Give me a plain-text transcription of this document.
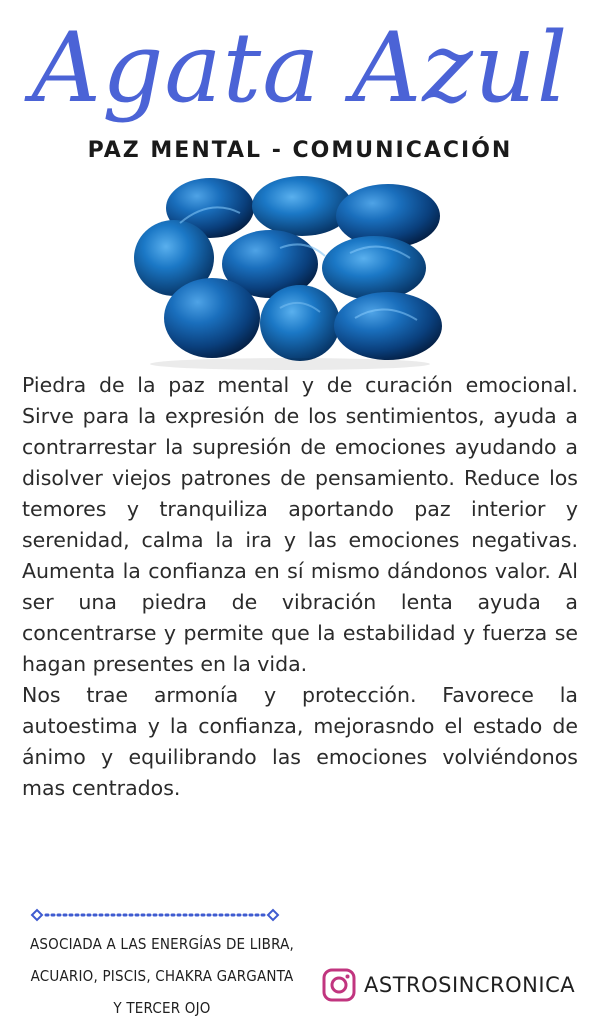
Agata Azul
PAZ MENTAL - COMUNICACIÓN

Piedra de la paz mental y de curación emocional. Sirve para la expresión de los sentimientos, ayuda a contrarrestar la supresión de emociones ayudando a disolver viejos patrones de pensamiento. Reduce los temores y tranquiliza aportando paz interior y serenidad, calma la ira y las emociones negativas. Aumenta la confianza en sí mismo dándonos valor. Al ser una piedra de vibración lenta ayuda a concentrarse y permite que la estabilidad y fuerza se hagan presentes en la vida.

Nos trae armonía y protección. Favorece la autoestima y la confianza, mejorasndo el estado de ánimo y equilibrando las emociones volviéndonos mas centrados.

ASOCIADA A LAS ENERGÍAS DE LIBRA, ACUARIO, PISCIS, CHAKRA GARGANTA Y TERCER OJO
ASTROSINCRONICA
